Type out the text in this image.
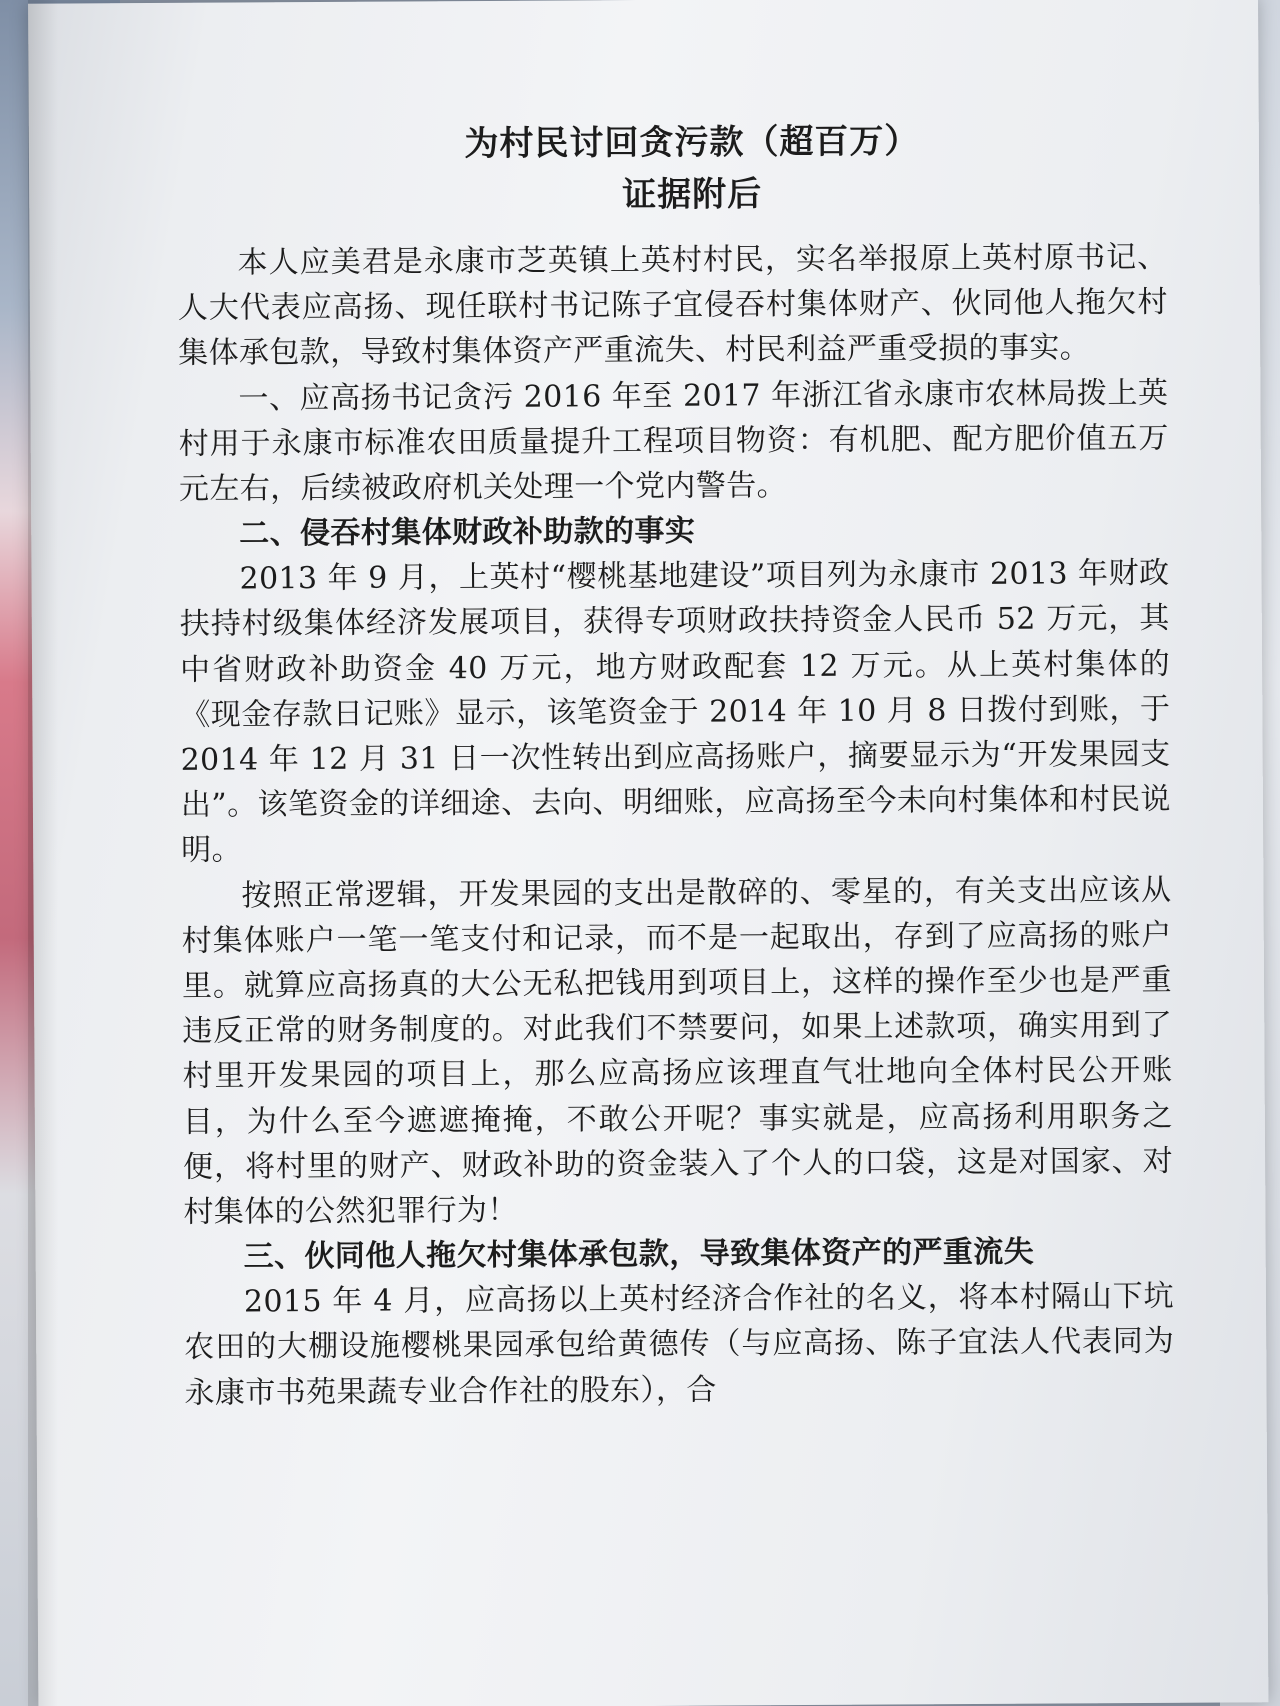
为村民讨回贪污款（超百万）
证据附后

本人应美君是永康市芝英镇上英村村民，实名举报原上英村原书记、人大代表应高扬、现任联村书记陈子宜侵吞村集体财产、伙同他人拖欠村集体承包款，导致村集体资产严重流失、村民利益严重受损的事实。

一、应高扬书记贪污 2016 年至 2017 年浙江省永康市农林局拨上英村用于永康市标准农田质量提升工程项目物资：有机肥、配方肥价值五万元左右，后续被政府机关处理一个党内警告。

二、侵吞村集体财政补助款的事实

2013 年 9 月，上英村“樱桃基地建设”项目列为永康市 2013 年财政扶持村级集体经济发展项目，获得专项财政扶持资金人民币 52 万元，其中省财政补助资金 40 万元，地方财政配套 12 万元。从上英村集体的《现金存款日记账》显示，该笔资金于 2014 年 10 月 8 日拨付到账，于 2014 年 12 月 31 日一次性转出到应高扬账户，摘要显示为“开发果园支出”。该笔资金的详细途、去向、明细账，应高扬至今未向村集体和村民说明。

按照正常逻辑，开发果园的支出是散碎的、零星的，有关支出应该从村集体账户一笔一笔支付和记录，而不是一起取出，存到了应高扬的账户里。就算应高扬真的大公无私把钱用到项目上，这样的操作至少也是严重违反正常的财务制度的。对此我们不禁要问，如果上述款项，确实用到了村里开发果园的项目上，那么应高扬应该理直气壮地向全体村民公开账目，为什么至今遮遮掩掩，不敢公开呢？事实就是，应高扬利用职务之便，将村里的财产、财政补助的资金装入了个人的口袋，这是对国家、对村集体的公然犯罪行为！

三、伙同他人拖欠村集体承包款，导致集体资产的严重流失

2015 年 4 月，应高扬以上英村经济合作社的名义，将本村隔山下坑农田的大棚设施樱桃果园承包给黄德传（与应高扬、陈子宜法人代表同为永康市书苑果蔬专业合作社的股东），合
